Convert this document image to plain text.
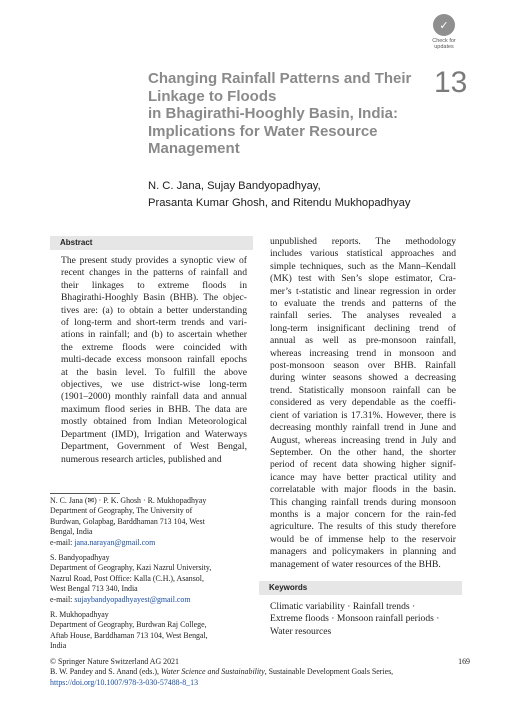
✓
Check for
updates
Changing Rainfall Patterns and Their
Linkage to Floods
in Bhagirathi-Hooghly Basin, India:
Implications for Water Resource
Management
13
N. C. Jana, Sujay Bandyopadhyay,
Prasanta Kumar Ghosh, and Ritendu Mukhopadhyay
Abstract
The present study provides a synoptic view of
recent changes in the patterns of rainfall and
their linkages to extreme floods in
Bhagirathi-Hooghly Basin (BHB). The objec-
tives are: (a) to obtain a better understanding
of long-term and short-term trends and vari-
ations in rainfall; and (b) to ascertain whether
the extreme floods were coincided with
multi-decade excess monsoon rainfall epochs
at the basin level. To fulfill the above
objectives, we use district-wise long-term
(1901–2000) monthly rainfall data and annual
maximum flood series in BHB. The data are
mostly obtained from Indian Meteorological
Department (IMD), Irrigation and Waterways
Department, Government of West Bengal,
numerous research articles, published and
unpublished reports. The methodology
includes various statistical approaches and
simple techniques, such as the Mann–Kendall
(MK) test with Sen’s slope estimator, Cra-
mer’s t-statistic and linear regression in order
to evaluate the trends and patterns of the
rainfall series. The analyses revealed a
long-term insignificant declining trend of
annual as well as pre-monsoon rainfall,
whereas increasing trend in monsoon and
post-monsoon season over BHB. Rainfall
during winter seasons showed a decreasing
trend. Statistically monsoon rainfall can be
considered as very dependable as the coeffi-
cient of variation is 17.31%. However, there is
decreasing monthly rainfall trend in June and
August, whereas increasing trend in July and
September. On the other hand, the shorter
period of recent data showing higher signif-
icance may have better practical utility and
correlatable with major floods in the basin.
This changing rainfall trends during monsoon
months is a major concern for the rain-fed
agriculture. The results of this study therefore
would be of immense help to the reservoir
managers and policymakers in planning and
management of water resources of the BHB.
N. C. Jana (✉) · P. K. Ghosh · R. Mukhopadhyay
Department of Geography, The University of
Burdwan, Golapbag, Barddhaman 713 104, West
Bengal, India
e-mail: jana.narayan@gmail.com
S. Bandyopadhyay
Department of Geography, Kazi Nazrul University,
Nazrul Road, Post Office: Kalla (C.H.), Asansol,
West Bengal 713 340, India
e-mail: sujaybandyopadhyayest@gmail.com
R. Mukhopadhyay
Department of Geography, Burdwan Raj College,
Aftab House, Barddhaman 713 104, West Bengal,
India
Keywords
Climatic variability · Rainfall trends ·
Extreme floods · Monsoon rainfall periods ·
Water resources
© Springer Nature Switzerland AG 2021	169
B. W. Pandey and S. Anand (eds.), Water Science and Sustainability, Sustainable Development Goals Series,
https://doi.org/10.1007/978-3-030-57488-8_13
